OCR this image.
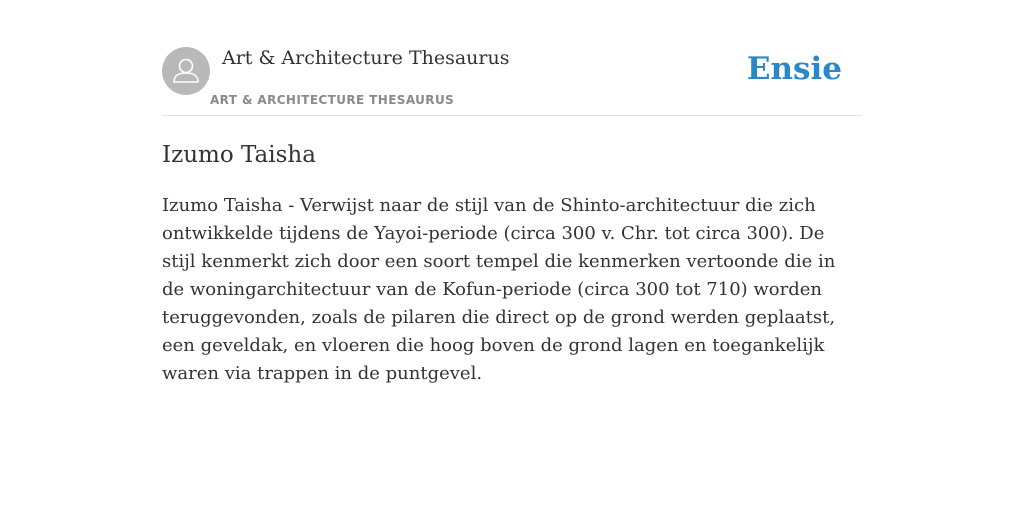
Art & Architecture Thesaurus
ART & ARCHITECTURE THESAURUS
Ensie
Izumo Taisha

Izumo Taisha - Verwijst naar de stijl van de Shinto-architectuur die zich ontwikkelde tijdens de Yayoi-periode (circa 300 v. Chr. tot circa 300). De stijl kenmerkt zich door een soort tempel die kenmerken vertoonde die in de woningarchitectuur van de Kofun-periode (circa 300 tot 710) worden teruggevonden, zoals de pilaren die direct op de grond werden geplaatst, een geveldak, en vloeren die hoog boven de grond lagen en toegankelijk waren via trappen in de puntgevel.
